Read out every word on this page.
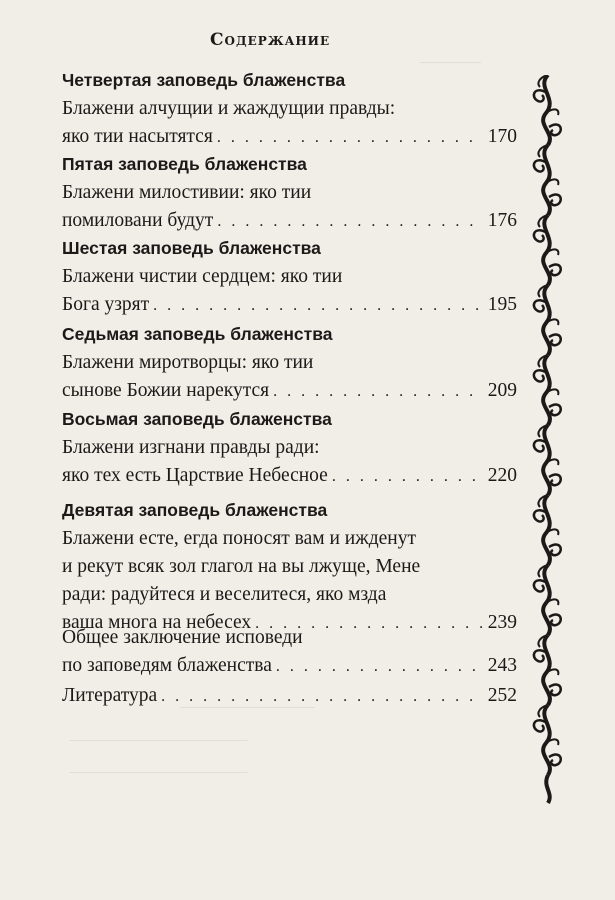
‾‾‾‾‾‾‾‾‾‾‾‾‾‾
‾‾‾‾‾‾‾‾‾‾‾‾‾‾‾‾‾‾‾‾‾‾‾‾‾‾‾‾‾‾‾
‾‾‾‾‾‾‾‾‾‾‾‾‾‾‾‾‾‾‾‾‾‾‾‾‾‾‾‾‾‾‾‾‾‾‾‾‾‾‾‾‾
‾‾‾‾‾‾‾‾‾‾‾‾‾‾‾‾‾‾‾‾‾‾‾‾‾‾‾‾‾‾‾‾‾‾‾‾‾‾‾‾‾
Содержание
Четвертая заповедь блаженства
Блажени алчущии и жаждущии правды:
яко тии насытятся . . .	170
Пятая заповедь блаженства
Блажени милостивии: яко тии
помиловани будут . . .	176
Шестая заповедь блаженства
Блажени чистии сердцем: яко тии
Бога узрят . . .	195
Седьмая заповедь блаженства
Блажени миротворцы: яко тии
сынове Божии нарекутся . . .	209
Восьмая заповедь блаженства
Блажени изгнани правды ради:
яко тех есть Царствие Небесное . . .	220
Девятая заповедь блаженства
Блажени есте, егда поносят вам и ижденут
и рекут всяк зол глагол на вы лжуще, Мене
ради: радуйтеся и веселитеся, яко мзда
ваша многа на небесех . . .	239
Общее заключение исповеди
по заповедям блаженства . . .	243
Литература . . .	252
